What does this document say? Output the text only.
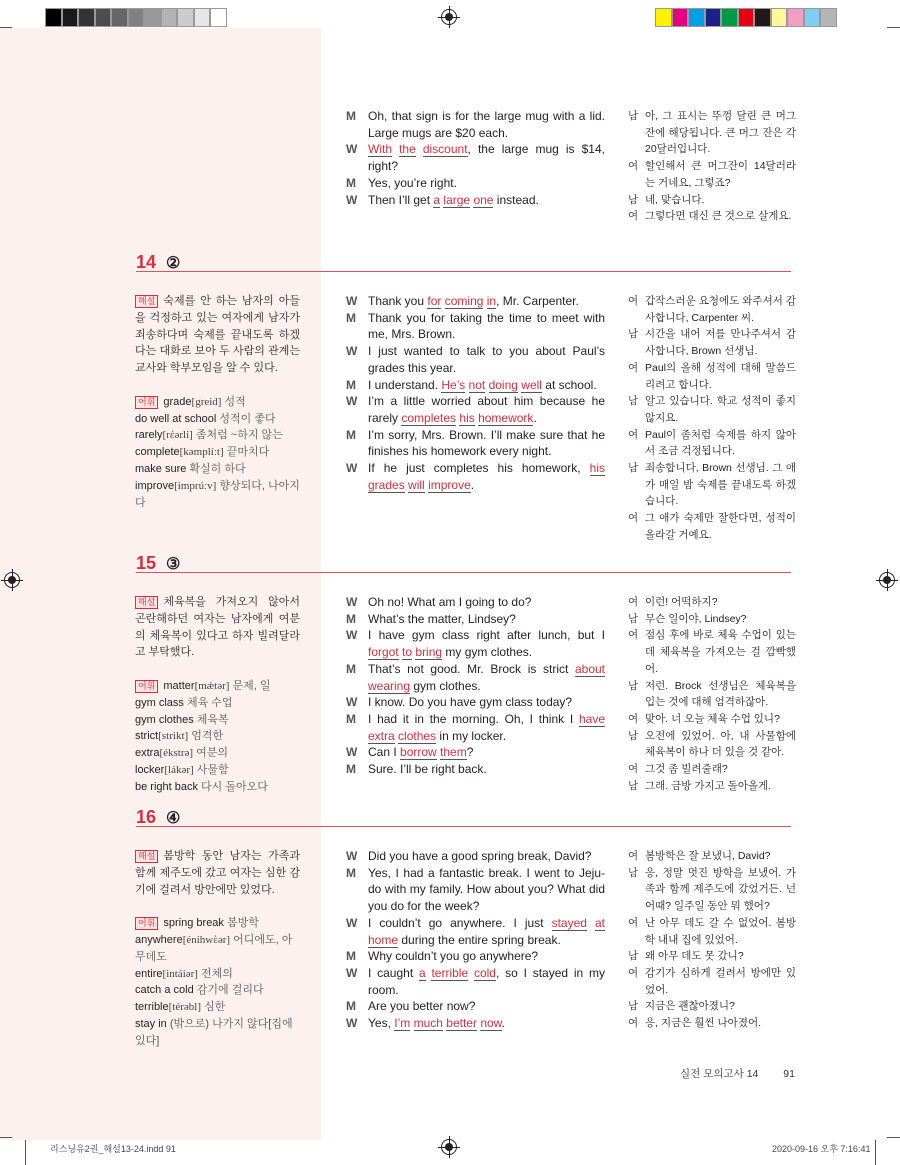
M	Oh, that sign is for the large mug with a lid. Large mugs are $20 each.
W With the discount, the large mug is $14, right?
M	Yes, you’re right.
W Then I’ll get a large one instead.
남 아, 그 표시는 뚜껑 달린 큰 머그잔에 해당됩니다. 큰 머그 잔은 각 20달러입니다.
여 할인해서 큰 머그잔이 14달러라는 거네요, 그렇죠?
남 네, 맞습니다.
여 그렇다면 대신 큰 것으로 살게요.
14 ②
해설 숙제를 안 하는 남자의 아들을 걱정하고 있는 여자에게 남자가 죄송하다며 숙제를 끝내도록 하겠다는 대화로 보아 두 사람의 관계는 교사와 학부모임을 알 수 있다.
어휘 grade[greid] 성적
do well at school 성적이 좋다
rarely[rέərli] 좀처럼 ~하지 않는
complete[kəmplíːt] 끝마치다
make sure 확실히 하다
improve[imprúːv] 향상되다, 나아지다
W Thank you for coming in, Mr. Carpenter.
M	Thank you for taking the time to meet with me, Mrs. Brown.
W I just wanted to talk to you about Paul’s grades this year.
M	I understand. He’s not doing well at school.
W I’m a little worried about him because he rarely completes his homework.
M	I’m sorry, Mrs. Brown. I’ll make sure that he finishes his homework every night.
W If he just completes his homework, his grades will improve.
여 갑작스러운 요청에도 와주셔서 감사합니다, Carpenter 씨.
남 시간을 내어 저를 만나주셔서 감사합니다, Brown 선생님.
여 Paul의 올해 성적에 대해 말씀드리려고 합니다.
남 알고 있습니다. 학교 성적이 좋지 않지요.
여 Paul이 좀처럼 숙제를 하지 않아서 조금 걱정됩니다.
남 죄송합니다, Brown 선생님. 그 애가 매일 밤 숙제를 끝내도록 하겠습니다.
여 그 애가 숙제만 잘한다면, 성적이 올라갈 거예요.
15 ③
해설 체육복을 가져오지 않아서 곤란해하던 여자는 남자에게 여분의 체육복이 있다고 하자 빌려달라고 부탁했다.
어휘 matter[mǽtər] 문제, 일
gym class 체육 수업
gym clothes 체육복
strict[strikt] 엄격한
extra[ékstrə] 여분의
locker[lákər] 사물함
be right back 다시 돌아오다
W Oh no! What am I going to do?
M	What’s the matter, Lindsey?
W I have gym class right after lunch, but I forgot to bring my gym clothes.
M	That’s not good. Mr. Brock is strict about wearing gym clothes.
W I know. Do you have gym class today?
M	I had it in the morning. Oh, I think I have extra clothes in my locker.
W Can I borrow them?
M	Sure. I’ll be right back.
여 이런! 어떡하지?
남 무슨 일이야, Lindsey?
여 점심 후에 바로 체육 수업이 있는데 체육복을 가져오는 걸 깜빡했어.
남 저런. Brock 선생님은 체육복을 입는 것에 대해 엄격하잖아.
여 맞아. 너 오늘 체육 수업 있니?
남 오전에 있었어. 아, 내 사물함에 체육복이 하나 더 있을 것 같아.
여 그것 좀 빌려줄래?
남 그래. 금방 가지고 돌아올게.
16 ④
해설 봄방학 동안 남자는 가족과 함께 제주도에 갔고 여자는 심한 감기에 걸려서 방안에만 있었다.
어휘 spring break 봄방학
anywhere[énihwὲər] 어디에도, 아무데도
entire[intáiər] 전체의
catch a cold 감기에 걸리다
terrible[térəbl] 심한
stay in (밖으로) 나가지 않다[집에 있다]
W Did you have a good spring break, David?
M	Yes, I had a fantastic break. I went to Jeju-do with my family. How about you? What did you do for the week?
W I couldn’t go anywhere. I just stayed at home during the entire spring break.
M	Why couldn’t you go anywhere?
W I caught a terrible cold, so I stayed in my room.
M	Are you better now?
W Yes, I’m much better now.
여 봄방학은 잘 보냈니, David?
남 응, 정말 멋진 방학을 보냈어. 가족과 함께 제주도에 갔었거든. 넌 어때? 일주일 동안 뭐 했어?
여 난 아무 데도 갈 수 없었어. 봄방학 내내 집에 있었어.
남 왜 아무 데도 못 갔니?
여 감기가 심하게 걸려서 방에만 있었어.
남 지금은 괜찮아졌니?
여 응, 지금은 훨씬 나아졌어.
실전 모의고사 14 91
리스닝유2권_해설13-24.indd 91	2020-09-16 오후 7:16:41
